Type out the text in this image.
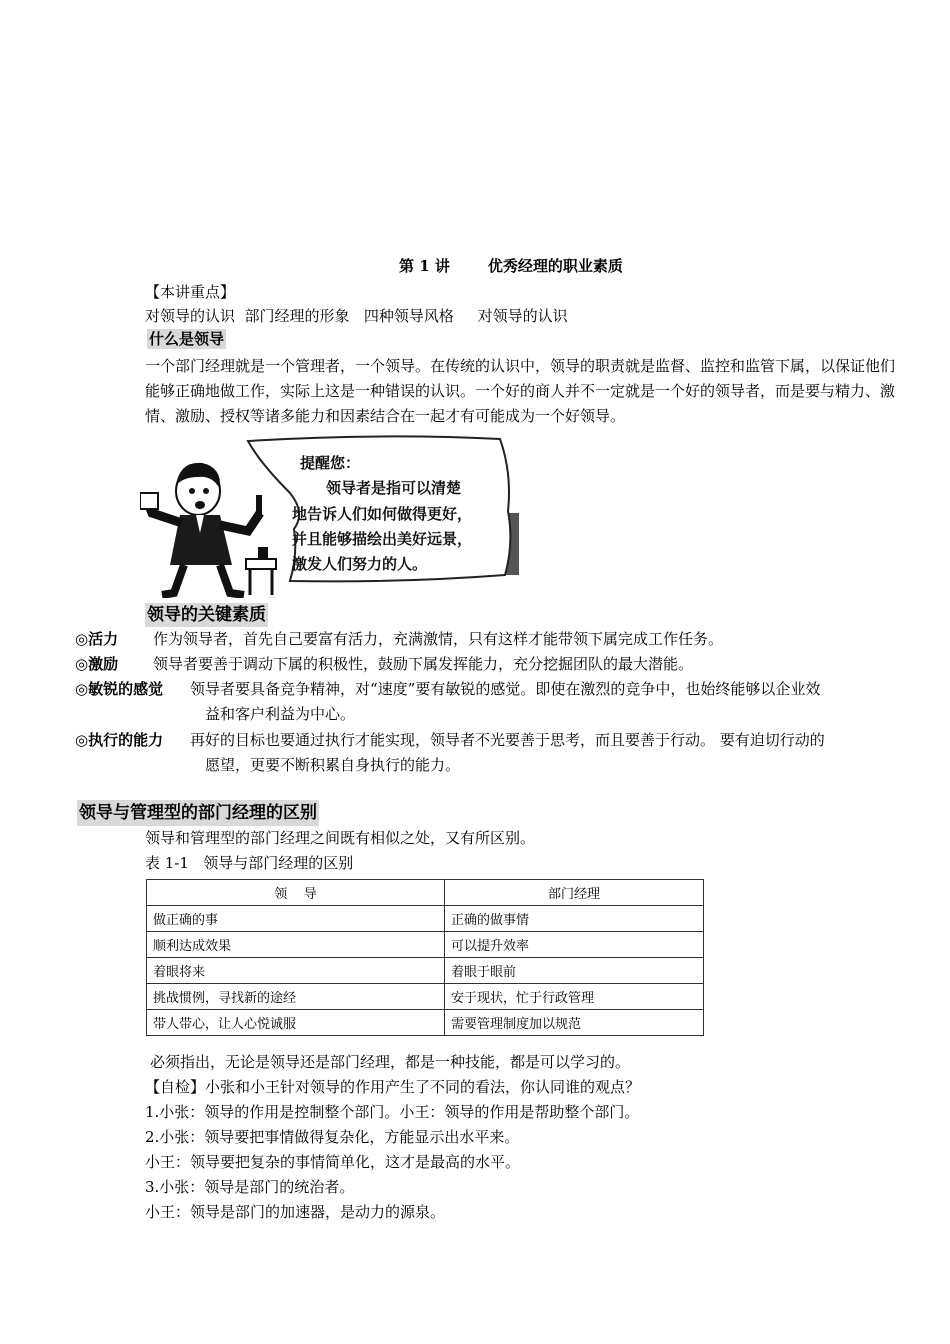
第 1 讲	优秀经理的职业素质
【本讲重点】
对领导的认识  部门经理的形象   四种领导风格     对领导的认识
什么是领导
一个部门经理就是一个管理者，一个领导。在传统的认识中，领导的职责就是监督、监控和监管下属，以保证他们能够正确地做工作，实际上这是一种错误的认识。一个好的商人并不一定就是一个好的领导者，而是要与精力、激情、激励、授权等诸多能力和因素结合在一起才有可能成为一个好领导。
提醒您：
领导者是指可以清楚
地告诉人们如何做得更好，
并且能够描绘出美好远景，
激发人们努力的人。
领导的关键素质
◎活力 作为领导者，首先自己要富有活力，充满激情，只有这样才能带领下属完成工作任务。
◎激励 领导者要善于调动下属的积极性，鼓励下属发挥能力，充分挖掘团队的最大潜能。
◎敏锐的感觉 领导者要具备竞争精神，对“速度”要有敏锐的感觉。即使在激烈的竞争中，也始终能够以企业效
益和客户利益为中心。
◎执行的能力 再好的目标也要通过执行才能实现，领导者不光要善于思考，而且要善于行动。 要有迫切行动的
愿望，更要不断积累自身执行的能力。
领导与管理型的部门经理的区别
领导和管理型的部门经理之间既有相似之处，又有所区别。
表 1-1   领导与部门经理的区别
领    导	部门经理
做正确的事	正确的做事情
顺利达成效果	可以提升效率
着眼将来	着眼于眼前
挑战惯例，寻找新的途经	安于现状，忙于行政管理
带人带心，让人心悦诚服	需要管理制度加以规范
必须指出，无论是领导还是部门经理，都是一种技能，都是可以学习的。
【自检】小张和小王针对领导的作用产生了不同的看法，你认同谁的观点？
1.小张：领导的作用是控制整个部门。小王：领导的作用是帮助整个部门。
2.小张：领导要把事情做得复杂化，方能显示出水平来。
小王：领导要把复杂的事情简单化，这才是最高的水平。
3.小张：领导是部门的统治者。
小王：领导是部门的加速器，是动力的源泉。
